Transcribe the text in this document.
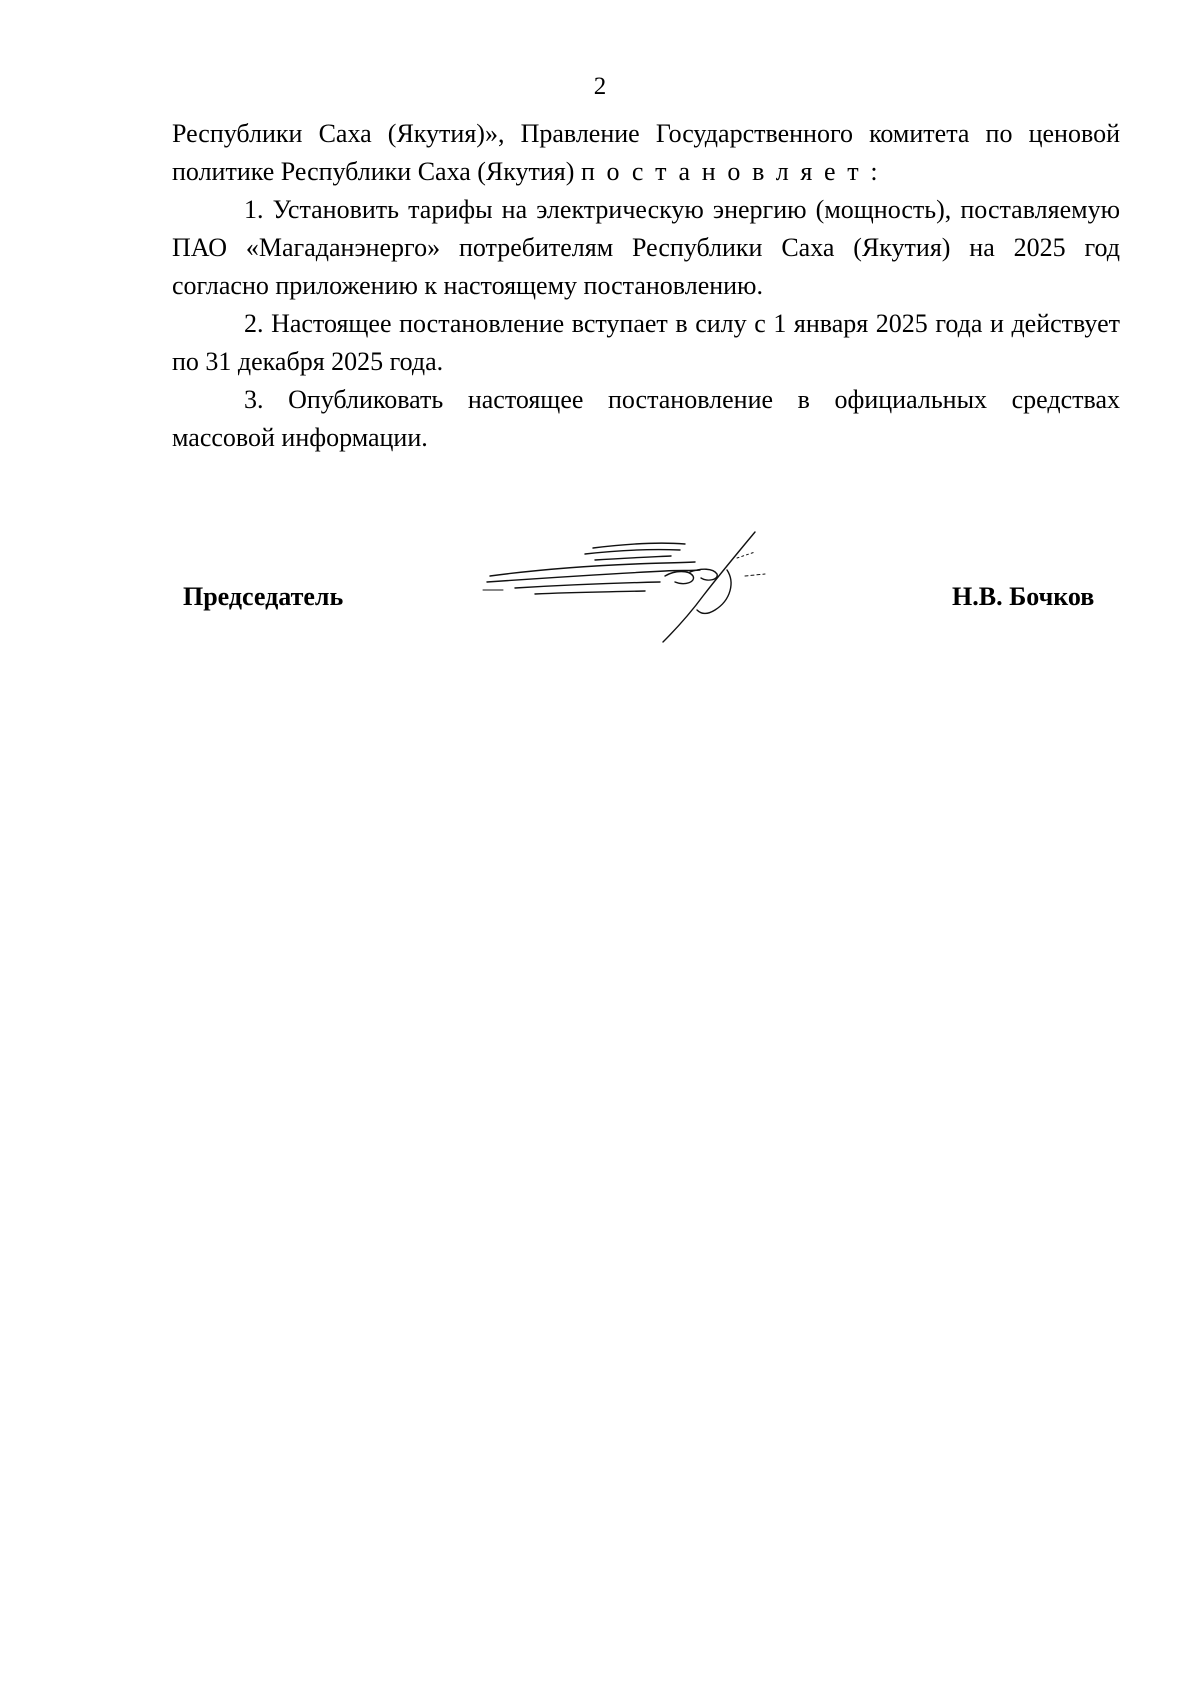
2

Республики Саха (Якутия)», Правление Государственного комитета по ценовой политике Республики Саха (Якутия) постановляет:

1. Установить тарифы на электрическую энергию (мощность), поставляемую ПАО «Магаданэнерго» потребителям Республики Саха (Якутия) на 2025 год согласно приложению к настоящему постановлению.

2. Настоящее постановление вступает в силу с 1 января 2025 года и действует по 31 декабря 2025 года.

3. Опубликовать настоящее постановление в официальных средствах массовой информации.

Председатель	Н.В. Бочков
